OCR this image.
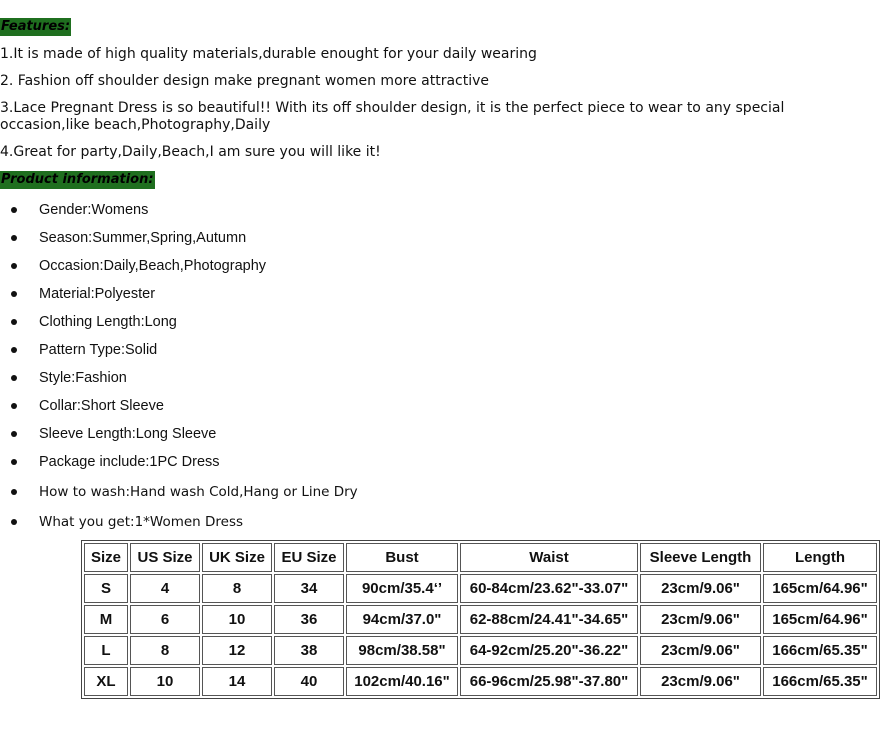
Features:

1.It is made of high quality materials,durable enought for your daily wearing

2. Fashion off shoulder design make pregnant women more attractive

3.Lace Pregnant Dress is so beautiful!! With its off shoulder design, it is the perfect piece to wear to any special occasion,like beach,Photography,Daily

4.Great for party,Daily,Beach,I am sure you will like it!

Product information:
Gender:Womens
Season:Summer,Spring,Autumn
Occasion:Daily,Beach,Photography
Material:Polyester
Clothing Length:Long
Pattern Type:Solid
Style:Fashion
Collar:Short Sleeve
Sleeve Length:Long Sleeve
Package include:1PC Dress
How to wash:Hand wash Cold,Hang or Line Dry
What you get:1*Women Dress
Size	US Size	UK Size	EU Size	Bust	Waist	Sleeve Length	Length
S	4	8	34	90cm/35.4‘’	60-84cm/23.62"-33.07"	23cm/9.06"	165cm/64.96"
M	6	10	36	94cm/37.0"	62-88cm/24.41"-34.65"	23cm/9.06"	165cm/64.96"
L	8	12	38	98cm/38.58"	64-92cm/25.20"-36.22"	23cm/9.06"	166cm/65.35"
XL	10	14	40	102cm/40.16"	66-96cm/25.98"-37.80"	23cm/9.06"	166cm/65.35"
